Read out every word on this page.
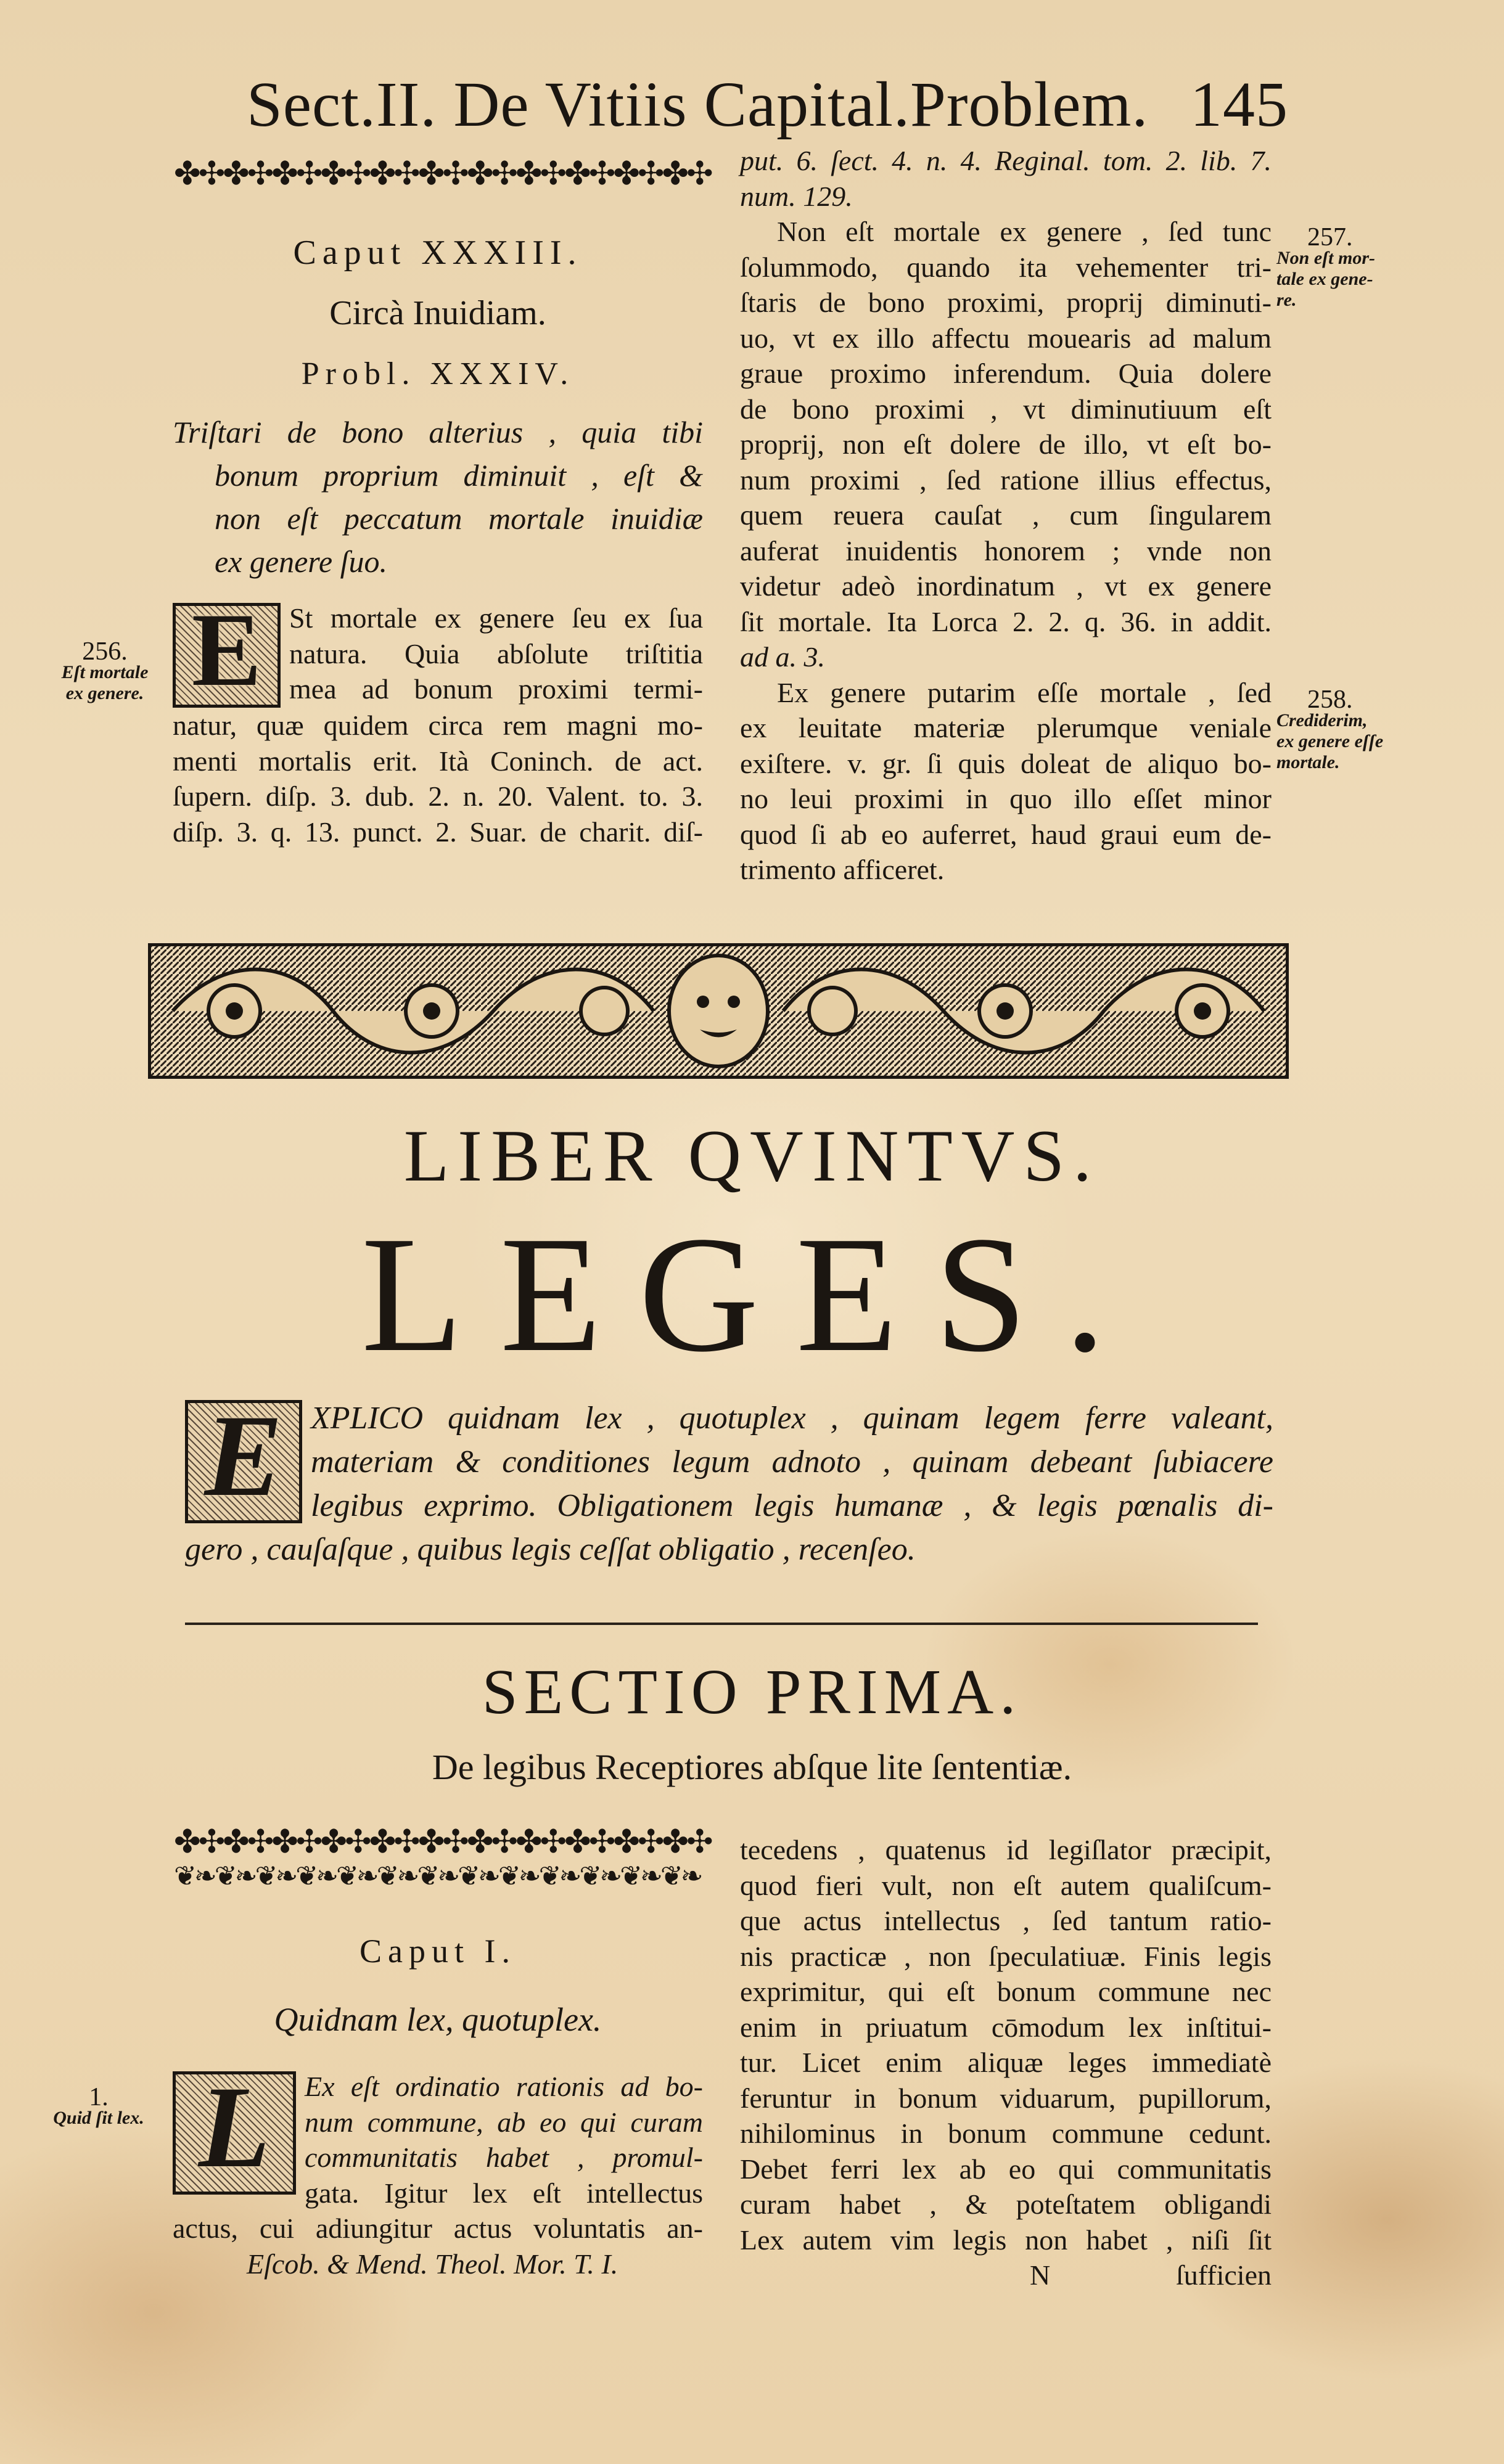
Sect.II. De Vitiis Capital.Problem. 145
✤✣✤✣✤✣✤✣✤✣✤✣✤✣✤✣✤✣✤✣✤✣
Caput XXXIII.
Circà Inuidiam.
Probl. XXXIV.
Triſtari de bono alterius , quia tibi
bonum proprium diminuit , eſt &
non eſt peccatum mortale inuidiæ
ex genere ſuo.
E St mortale ex genere ſeu ex ſua
natura. Quia abſolute triſtitia
mea ad bonum proximi termi-
natur, quæ quidem circa rem magni mo-
menti mortalis erit. Ità Coninch. de act.
ſupern. diſp. 3. dub. 2. n. 20. Valent. to. 3.
diſp. 3. q. 13. punct. 2. Suar. de charit. diſ-
put. 6. ſect. 4. n. 4. Reginal. tom. 2. lib. 7.
num. 129.
Non eſt mortale ex genere , ſed tunc
ſolummodo, quando ita vehementer tri-
ſtaris de bono proximi, proprij diminuti-
uo, vt ex illo affectu mouearis ad malum
graue proximo inferendum. Quia dolere
de bono proximi , vt diminutiuum eſt
proprij, non eſt dolere de illo, vt eſt bo-
num proximi , ſed ratione illius effectus,
quem reuera cauſat , cum ſingularem
auferat inuidentis honorem ; vnde non
videtur adeò inordinatum , vt ex genere
ſit mortale. Ita Lorca 2. 2. q. 36. in addit.
ad a. 3.
Ex genere putarim eſſe mortale , ſed
ex leuitate materiæ plerumque veniale
exiſtere. v. gr. ſi quis doleat de aliquo bo-
no leui proximi in quo illo eſſet minor
quod ſi ab eo auferret, haud graui eum de-
trimento afficeret.
256.
Eſt mortale
ex genere.
257.
Non eſt mor-
tale ex gene-
re.
258.
Crediderim,
ex genere eſſe
mortale.
1.
Quid ſit lex.
LIBER QVINTVS.
LEGES.
E XPLICO quidnam lex , quotuplex , quinam legem ferre valeant,
materiam & conditiones legum adnoto , quinam debeant ſubiacere
legibus exprimo. Obligationem legis humanæ , & legis pœnalis di-
gero , cauſaſque , quibus legis ceſſat obligatio , recenſeo.
SECTIO PRIMA.
De legibus Receptiores abſque lite ſententiæ.
✤✣✤✣✤✣✤✣✤✣✤✣✤✣✤✣✤✣✤✣✤✣
❦❧❦❧❦❧❦❧❦❧❦❧❦❧❦❧❦❧❦❧❦❧❦❧❦❧
Caput I.
Quidnam lex, quotuplex.
L	Ex eſt ordinatio rationis ad bo-
num commune, ab eo qui curam
communitatis habet , promul-
gata. Igitur lex eſt intellectus
actus, cui adiungitur actus voluntatis an-
Eſcob. & Mend. Theol. Mor. T. I.
tecedens , quatenus id legiſlator præcipit,
quod fieri vult, non eſt autem qualiſcum-
que actus intellectus , ſed tantum ratio-
nis practicæ , non ſpeculatiuæ. Finis legis
exprimitur, qui eſt bonum commune nec
enim in priuatum cōmodum lex inſtitui-
tur. Licet enim aliquæ leges immediatè
feruntur in bonum viduarum, pupillorum,
nihilominus in bonum commune cedunt.
Debet ferri lex ab eo qui communitatis
curam habet , & poteſtatem obligandi
Lex autem vim legis non habet , niſi ſit
N	ſufficien
